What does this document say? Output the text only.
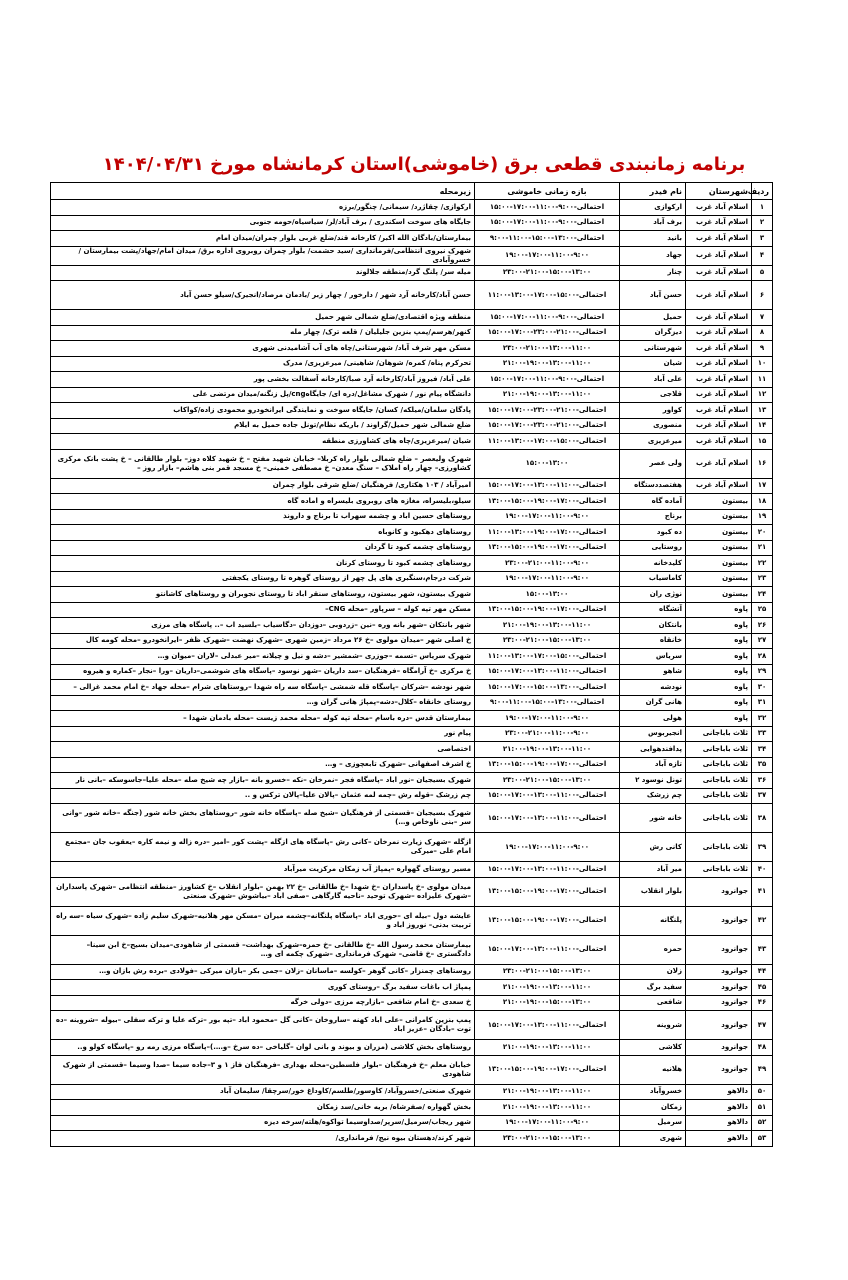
برنامه زمانبندی قطعی برق (خاموشی)استان کرمانشاه مورخ ۱۴۰۴/۰۴/۳۱
ردیف	شهرستان	نام فیدر	بازه زمانی خاموشی	زیرمحله
۱	اسلام آباد غرب	ارکوازی	احتمالی-۹:۰۰-۱۱:۰۰-۱۷:۰۰-۱۵:۰۰	ارکوازی/ چقاژرد/ سیمانی/ چنگور/برزه
۲	اسلام آباد غرب	برف آباد	احتمالی-۹:۰۰-۱۱:۰۰-۱۷:۰۰-۱۵:۰۰	جایگاه های سوخت اسکندری / برف آباد/لر/ سیاسیاه/حومه جنوبی
۳	اسلام آباد غرب	بانید	احتمالی-۱۳:۰۰-۱۵:۰۰-۱۱:۰۰-۹:۰۰	بیمارستان/بادگان الله اکبر/ کارخانه قند/ضلع غربی بلوار چمران/میدان امام
۴	اسلام آباد غرب	جهاد	۱۹:۰۰-۱۷:۰۰-۱۱:۰۰-۹:۰۰	شهرک نیروی انتظامی/فرمانداری /سید حشمت/ بلوار چمران روبروی اداره برق/ میدان امام/جهاد/پشت بیمارستان / خسروآبادی
۵	اسلام آباد غرب	چنار	۲۳:۰۰-۲۱:۰۰-۱۵:۰۰-۱۳:۰۰	میله سر/ پلنگ گرد/منطقه جلالوند
۶	اسلام آباد غرب	حسن آباد	احتمالی-۱۵:۰۰-۱۷:۰۰-۱۳:۰۰-۱۱:۰۰	حسن آباد/کارخانه آرد شهر / دارخور / چهار زبر /بادمان مرصاد/انجیرک/سیلو حسن آباد
۷	اسلام آباد غرب	حمیل	احتمالی-۹:۰۰-۱۱:۰۰-۱۷:۰۰-۱۵:۰۰	منطقه ویژه اقتصادی/ضلع شمالی شهر حمیل
۸	اسلام آباد غرب	دیزگران	احتمالی-۲۱:۰۰-۲۳:۰۰-۱۷:۰۰-۱۵:۰۰	کنهر/هرسم/پمپ بنزین جلیلیان / قلعه ترک/ چهار مله
۹	اسلام آباد غرب	شهرستانی	۲۳:۰۰-۲۱:۰۰-۱۳:۰۰-۱۱:۰۰	مسکن مهر شرف آباد/ شهرستانی/چاه های آب آشامیدنی شهری
۱۰	اسلام آباد غرب	شیان	۲۱:۰۰-۱۹:۰۰-۱۳:۰۰-۱۱:۰۰	تحرکرم پناه/ کمره/ شوهان/ شاهینی/ میرعزیزی/ مدرک
۱۱	اسلام آباد غرب	علی آباد	احتمالی-۹:۰۰-۱۱:۰۰-۱۷:۰۰-۱۵:۰۰	علی آباد/ فیروز آباد/کارخانه آرد صبا/کارخانه آسفالت بخشی پور
۱۲	اسلام آباد غرب	قلاجی	۲۱:۰۰-۱۹:۰۰-۱۳:۰۰-۱۱:۰۰	دانشگاه پیام نور / شهرک مشاغل/دره ای/ جایگاهcng/پل زنگنه/میدان مرتضی علی
۱۳	اسلام آباد غرب	کواور	احتمالی-۲۱:۰۰-۲۳:۰۰-۱۷:۰۰-۱۵:۰۰	پادگان سلمان/میلکه/ کسان/ جایگاه سوخت و نمایندگی ایرانخودرو محمودی زاده/کواکاب
۱۴	اسلام آباد غرب	منصوری	احتمالی-۲۱:۰۰-۲۳:۰۰-۱۷:۰۰-۱۵:۰۰	ضلع شمالی شهر حمیل/گراوند / باریکه نظام/تونل جاده حمیل به ایلام
۱۵	اسلام آباد غرب	میرعزیزی	احتمالی-۱۵:۰۰-۱۷:۰۰-۱۳:۰۰-۱۱:۰۰	شیان /میرعزیزی/چاه های کشاورزی منطقه
۱۶	اسلام آباد غرب	ولی عصر	۱۵:۰۰-۱۳:۰۰	شهرک ولیعصر – ضلع شمالی بلوار راه کربلا– خیابان شهید مفتح – خ شهید کلاه دوز– بلوار طالقانی – خ پشت بانک مرکزی کشاورزی– چهار راه املاک – سنگ معدن– خ مصطفی خمینی– خ مسجد قمر بنی هاشم– بازار روز –
۱۷	اسلام آباد غرب	هفتصددستگاه	احتمالی-۱۱:۰۰-۱۳:۰۰-۱۷:۰۰-۱۵:۰۰	امیرآباد / ۱۰۳ هکتاری/ فرهنگیان /ضلع شرقی بلوار چمران
۱۸	بیستون	آماده گاه	احتمالی-۱۷:۰۰-۱۹:۰۰-۱۵:۰۰-۱۳:۰۰	سیلو،بلیسراه، مغازه های روبروی بلیسراه و اماده گاه
۱۹	بیستون	برناج	۱۹:۰۰-۱۷:۰۰-۱۱:۰۰-۹:۰۰	روستاهای حسین اباد و چشمه سهراب تا برناج و دارونذ
۲۰	بیستون	ده کبود	احتمالی-۱۷:۰۰-۱۹:۰۰-۱۳:۰۰-۱۱:۰۰	روستاهای دهکبود و کانوباه
۲۱	بیستون	روستایی	احتمالی-۱۷:۰۰-۱۹:۰۰-۱۵:۰۰-۱۳:۰۰	روستاهای چشمه کبود تا گردان
۲۲	بیستون	کلیدخانه	۲۳:۰۰-۲۱:۰۰-۱۱:۰۰-۹:۰۰	روستاهای چشمه کبود تا روستای کرنان
۲۳	بیستون	کاماسیاب	۱۹:۰۰-۱۷:۰۰-۱۱:۰۰-۹:۰۰	شرکت درجام،سنگبری های پل چهر از روستای گوهره تا روستای یکجفتی
۲۴	بیستون	نوژی ران	۱۵:۰۰-۱۳:۰۰	شهرک بیستون، شهر بیستون، روستاهای سنقر اباد تا روستای نجوبران و روستاهای کاشانتو
۲۵	پاوه	آتشگاه	احتمالی-۱۷:۰۰-۱۹:۰۰-۱۵:۰۰-۱۳:۰۰	مسکن مهر تپه کوله – سرپاور –محله CNG–
۲۶	پاوه	بانتکان	۲۱:۰۰-۱۹:۰۰-۱۳:۰۰-۱۱:۰۰	شهر بانتکان –شهر بانه وره –نین –زردوبی –دوزدان –دگاسیاب –بلسید اب –.. پاسگاه های مرزی
۲۷	پاوه	خانقاه	۲۳:۰۰-۲۱:۰۰-۱۵:۰۰-۱۳:۰۰	خ اصلی شهر –میدان مولوی –خ ۲۶ مرداد –زمین شهری –شهرک نهضت –شهرک ظفر –ایرانخودرو –محله کومه کال
۲۸	پاوه	سریاس	احتمالی-۱۵:۰۰-۱۷:۰۰-۱۳:۰۰-۱۱:۰۰	شهرک سریاس –تسمه –جوزری –شمشیر –دشه و نیل و چیلانه –میر عبدلی –لاران –میوان و…
۲۹	پاوه	شاهو	احتمالی-۱۱:۰۰-۱۳:۰۰-۱۷:۰۰-۱۵:۰۰	خ مرکزی –خ آرامگاه –فرهنگیان –سد داریان –شهر نوسود –پاسگاه های شوشمی–داریان –ورا –نجار –کماره و هیروه
۳۰	پاوه	نودشه	احتمالی-۱۳:۰۰-۱۵:۰۰-۱۷:۰۰-۱۵:۰۰	شهر نودشه –شرکان –پاسگاه قله شمشی –پاسگاه سه راه شهدا –روستاهای شرام –محله جهاد –خ امام محمد غزالی –
۳۱	پاوه	هانی گران	احتمالی-۱۳:۰۰-۱۵:۰۰-۱۱:۰۰-۹:۰۰	روستای خانقاه –کلال–دشه–پمپاژ هانی گران و…
۳۲	پاوه	هولی	۱۹:۰۰-۱۷:۰۰-۱۱:۰۰-۹:۰۰	بیمارستان قدس –دره باسام –محله تپه کوله –محله محمد زیست –محله بادمان شهدا –
۳۳	ثلاث باباجانی	انجیربوس	۲۳:۰۰-۲۱:۰۰-۱۱:۰۰-۹:۰۰	پیام نور
۳۴	ثلاث باباجانی	پدافندهوایی	۲۱:۰۰-۱۹:۰۰-۱۳:۰۰-۱۱:۰۰	اختصاصی
۳۵	ثلاث باباجانی	تازه آباد	احتمالی-۱۷:۰۰-۱۹:۰۰-۱۵:۰۰-۱۳:۰۰	خ اشرف اصفهانی –شهرک تابعچوزی – و…
۳۶	ثلاث باباجانی	تونل نوسود ۲	۲۳:۰۰-۲۱:۰۰-۱۵:۰۰-۱۳:۰۰	شهرک بسیجیان –نور اباد –پاسگاه فجر –نمرخان –نکه –خسرو بانه –بازار چه شیخ صله –محله علیا–جاسوسکه –بانی نار
۳۷	ثلاث باباجانی	چم زرشک	احتمالی-۱۱:۰۰-۱۳:۰۰-۱۷:۰۰-۱۵:۰۰	چم زرشک –قوله رش –چمه لمه عثمان –پالان علیا–پالان ترکس و ..
۳۸	ثلاث باباجانی	خانه شور	احتمالی-۱۱:۰۰-۱۳:۰۰-۱۷:۰۰-۱۵:۰۰	شهرک بسیجیان –قسمتی از فرهنگیان –شیخ صله –پاسگاه خانه شور –روستاهای بخش خانه شور (جنگه –خانه شور –وانی سر –بنی ناوخاص و…)
۳۹	ثلاث باباجانی	کانی رش	۱۹:۰۰-۱۷:۰۰-۱۱:۰۰-۹:۰۰	ازگله –شهرک زیارت نمرخان –کانی رش –پاسگاه های ازگله –پشت کور –امیر –دره زاله و نیمه کاره –یعقوب جان –مجتمع امام علی –میرکی
۴۰	ثلاث باباجانی	میر آباد	احتمالی-۱۱:۰۰-۱۳:۰۰-۱۷:۰۰-۱۵:۰۰	مسیر روستای گهواره –پمپاژ آب زمکان مرکزیت میرآباد
۴۱	جوانرود	بلوار انقلاب	احتمالی-۱۷:۰۰-۱۹:۰۰-۱۵:۰۰-۱۳:۰۰	میدان مولوی –خ پاسداران –خ شهدا –خ طالقانی –خ ۲۲ بهمن –بلوار انقلاب –خ کشاورز –منطقه انتظامی –شهرک پاسداران –شهرک علیزاده –شهرک توحید –ناحیه گارگاهی –صفی اباد –بیاشوش –شهرک صنعتی
۴۲	جوانرود	پلنگانه	احتمالی-۱۷:۰۰-۱۹:۰۰-۱۵:۰۰-۱۳:۰۰	عایشه دول –بیله ای –حوری اباد –پاسگاه پلنگانه–چشمه میران –مسکن مهر هلانیه–شهرک سلیم زاده –شهرک سیاه –سه راه تربیت بدنی– نوروز اباد و
۴۳	جوانرود	حمزه	احتمالی-۱۱:۰۰-۱۳:۰۰-۱۷:۰۰-۱۵:۰۰	بیمارستان محمد رسول الله –خ طالقانی –خ حمزه–شهرک بهداشت– قسمتی از شاهودی–میدان بسیج–خ ابن سینا–دادگستری –خ قاضی– شهرک فرمانداری –شهرک چکمه ای و…
۴۴	جوانرود	زلان	۲۳:۰۰-۲۱:۰۰-۱۵:۰۰-۱۳:۰۰	روستاهای چمنزار –کانی گوهر –کولسه –ماسانان –زلان –جمی بکر –بازان میرکی –فولادی –برده رش بازان و…
۴۵	جوانرود	سفید برگ	۲۱:۰۰-۱۹:۰۰-۱۳:۰۰-۱۱:۰۰	پمپاژ اب باغات سفید برگ –روستای کوری
۴۶	جوانرود	شافعی	۲۱:۰۰-۱۹:۰۰-۱۵:۰۰-۱۳:۰۰	خ سعدی –خ امام شافعی –بازارچه مرزی –دولی خرگه
۴۷	جوانرود	شروینه	احتمالی-۱۱:۰۰-۱۳:۰۰-۱۷:۰۰-۱۵:۰۰	پمپ بنزین کامرانی –علی اباد کهنه –ساروخان –کانی گل –محمود اباد –تپه بور –ترکه علیا و ترکه سفلی –بیوله –شروینه –ده توت –بادگان –عزیز اباد
۴۸	جوانرود	کلاشی	۲۱:۰۰-۱۹:۰۰-۱۳:۰۰-۱۱:۰۰	روستاهای بخش کلاشی (مزران و بیوند و بانی لوان –گلیاخی –ده سرخ –و….)–پاسگاه مرزی رمه رو –پاسگاه کولو و..
۴۹	جوانرود	هلانیه	احتمالی-۱۷:۰۰-۱۹:۰۰-۱۵:۰۰-۱۳:۰۰	خیابان معلم –خ فرهنگیان –بلوار فلسطین–محله بهداری –فرهنگیان فاز ۱ و ۳–جاده سیما –صدا وسیما –قسمتی از شهرک شاهودی
۵۰	دالاهو	خسروآباد	۲۱:۰۰-۱۹:۰۰-۱۳:۰۰-۱۱:۰۰	شهرک صنعتی/خسروآباد/ کاوسور/طلسم/کاوداغ خور/سرچقا/ سلیمان آباد
۵۱	دالاهو	زمکان	۲۱:۰۰-۱۹:۰۰-۱۳:۰۰-۱۱:۰۰	بخش گهواره /صفرشاه/ بریه خانی/سد زمکان
۵۲	دالاهو	سرمیل	۱۹:۰۰-۱۷:۰۰-۱۱:۰۰-۹:۰۰	شهر ریجاب/سرمیل/سرپر/صداوسیما تواکوه/هلته/سرخه دیزه
۵۳	دالاهو	شهری	۲۳:۰۰-۲۱:۰۰-۱۵:۰۰-۱۳:۰۰	شهر کرند/دهستان بیوه نیج/ فرمانداری/
